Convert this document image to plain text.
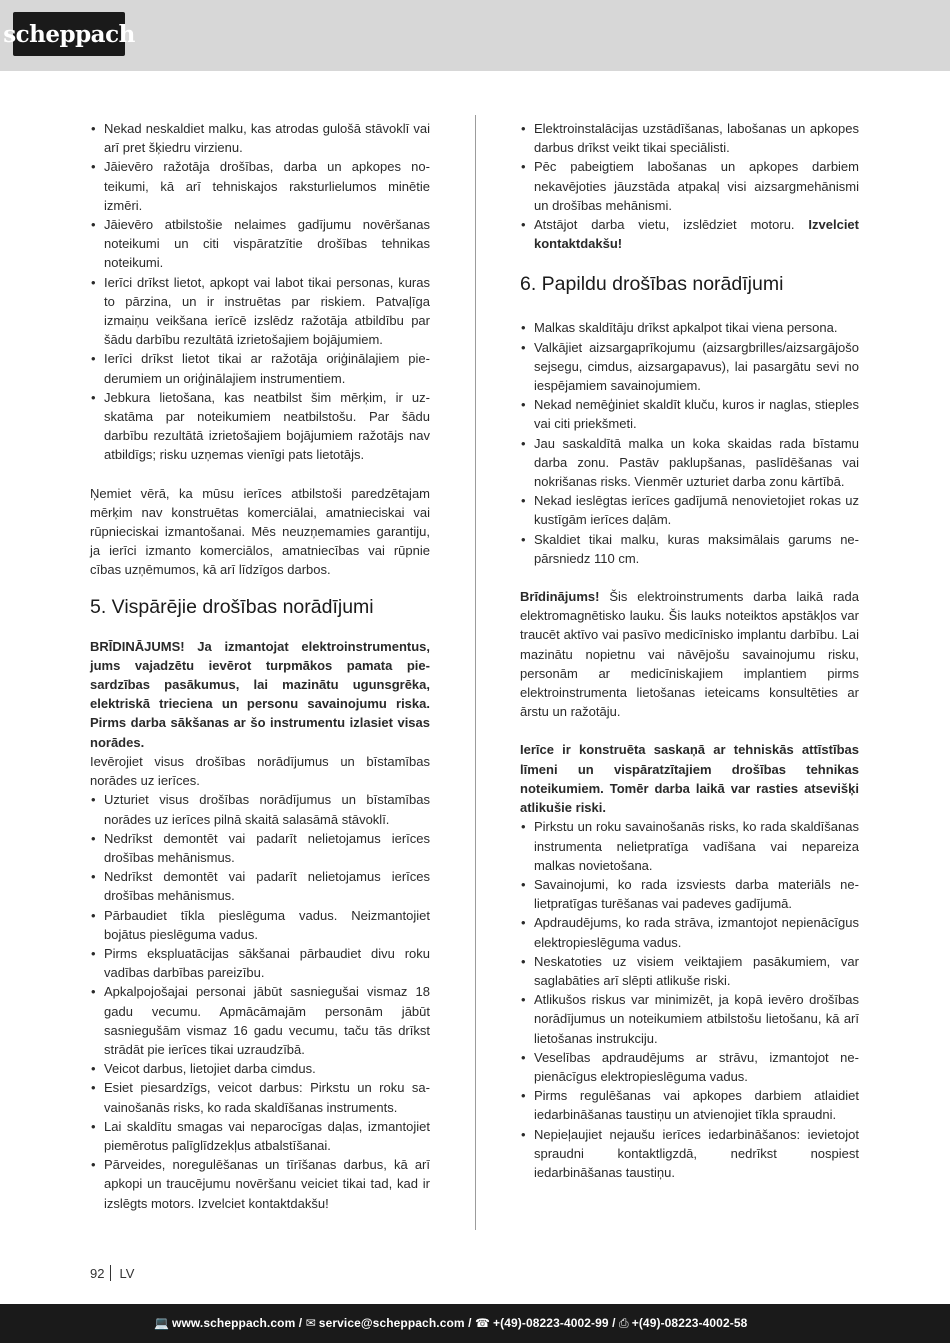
scheppach
• Nekad neskaldiet malku, kas atrodas gulošā stāvoklī vai arī pret šķiedru virzienu.
• Jāievēro ražotāja drošības, darba un apkopes noteikumi, kā arī tehniskajos raksturlielumos minētie izmēri.
• Jāievēro atbilstošie nelaimes gadījumu novēršanas noteikumi un citi vispāratzītie drošības tehnikas noteikumi.
• Ierīci drīkst lietot, apkopt vai labot tikai personas, kuras to pārzina, un ir instruētas par riskiem. Patvaļīga izmaiņu veikšana ierīcē izslēdz ražotāja atbildību par šādu darbību rezultātā izrietošajiem bojājumiem.
• Ierīci drīkst lietot tikai ar ražotāja oriģinālajiem piederumiem un oriģinālajiem instrumentiem.
• Jebkura lietošana, kas neatbilst šim mērķim, ir uzskatāma par noteikumiem neatbilstošu. Par šādu darbību rezultātā izrietošajiem bojājumiem ražotājs nav atbildīgs; risku uzņemas vienīgi pats lietotājs.

Ņemiet vērā, ka mūsu ierīces atbilstoši paredzētajam mērķim nav konstruētas komerciālai, amatnieciskai vai rūpnieciskai izmantošanai. Mēs neuzņemamies garantiju, ja ierīci izmanto komerciālos, amatniecības vai rūpnie cības uzņēmumos, kā arī līdzīgos darbos.

5. Vispārējie drošības norādījumi

BRĪDINĀJUMS! Ja izmantojat elektroinstrumentus, jums vajadzētu ievērot turpmākos pamata piesardzības pasākumus, lai mazinātu ugunsgrēka, elektriskā trieciena un personu savainojumu riska. Pirms darba sākšanas ar šo instrumentu izlasiet visas norādes.

Ievērojiet visus drošības norādījumus un bīstamības norādes uz ierīces.
• Uzturiet visus drošības norādījumus un bīstamības norādes uz ierīces pilnā skaitā salasāmā stāvoklī.
• Nedrīkst demontēt vai padarīt nelietojamus ierīces drošības mehānismus.
• Nedrīkst demontēt vai padarīt nelietojamus ierīces drošības mehānismus.
• Pārbaudiet tīkla pieslēguma vadus. Neizmantojiet bojātus pieslēguma vadus.
• Pirms ekspluatācijas sākšanai pārbaudiet divu roku vadības darbības pareizību.
• Apkalpojošajai personai jābūt sasniegušai vismaz 18 gadu vecumu. Apmācāmajām personām jābūt sasniegušām vismaz 16 gadu vecumu, taču tās drīkst strādāt pie ierīces tikai uzraudzībā.
• Veicot darbus, lietojiet darba cimdus.
• Esiet piesardzīgs, veicot darbus: Pirkstu un roku savainošanās risks, ko rada skaldīšanas instruments.
• Lai skaldītu smagas vai neparocīgas daļas, izmantojiet piemērotus palīglīdzekļus atbalstīšanai.
• Pārveides, noregulēšanas un tīrīšanas darbus, kā arī apkopi un traucējumu novēršanu veiciet tikai tad, kad ir izslēgts motors. Izvelciet kontaktdakšu!
• Elektroinstalācijas uzstādīšanas, labošanas un apkopes darbus drīkst veikt tikai speciālisti.
• Pēc pabeigtiem labošanas un apkopes darbiem nekavējoties jāuzstāda atpakaļ visi aizsargmehānismi un drošības mehānismi.
• Atstājot darba vietu, izslēdziet motoru. Izvelciet kontaktdakšu!
6. Papildu drošības norādījumi
• Malkas skaldītāju drīkst apkalpot tikai viena persona.
• Valkājiet aizsargaprīkojumu (aizsargbrilles/aizsargājošo sejsegu, cimdus, aizsargapavus), lai pasargātu sevi no iespējamiem savainojumiem.
• Nekad nemēģiniet skaldīt kluču, kuros ir naglas, stieples vai citi priekšmeti.
• Jau saskaldītā malka un koka skaidas rada bīstamu darba zonu. Pastāv paklupšanas, paslīdēšanas vai nokrišanas risks. Vienmēr uzturiet darba zonu kārtībā.
• Nekad ieslēgtas ierīces gadījumā nenovietojiet rokas uz kustīgām ierīces daļām.
• Skaldiet tikai malku, kuras maksimālais garums nepārsniedz 110 cm.

Brīdinājums! Šis elektroinstruments darba laikā rada elektromagnētisko lauku. Šis lauks noteiktos apstākļos var traucēt aktīvo vai pasīvo medicīnisko implantu darbību. Lai mazinātu nopietnu vai nāvējošu savainojumu risku, personām ar medicīniskajiem implantiem pirms elektroinstrumenta lietošanas ieteicams konsultēties ar ārstu un ražotāju.

Ierīce ir konstruēta saskaņā ar tehniskās attīstības līmeni un vispāratzītajiem drošības tehnikas noteikumiem. Tomēr darba laikā var rasties atsevišķi atlikušie riski.

• Pirkstu un roku savainošanās risks, ko rada skaldīšanas instrumenta nelietpratīga vadīšana vai nepareiza malkas novietošana.
• Savainojumi, ko rada izsviests darba materiāls nelietpratīgas turēšanas vai padeves gadījumā.
• Apdraudējums, ko rada strāva, izmantojot nepienācīgus elektropieslēguma vadus.
• Neskatoties uz visiem veiktajiem pasākumiem, var saglabāties arī slēpti atlikuše riski.
• Atlikušos riskus var minimizēt, ja kopā ievēro drošības norādījumus un noteikumiem atbilstošu lietošanu, kā arī lietošanas instrukciju.
• Veselības apdraudējums ar strāvu, izmantojot nepienācīgus elektropieslēguma vadus.
• Pirms regulēšanas vai apkopes darbiem atlaidiet iedarbināšanas taustiņu un atvienojiet tīkla spraudni.
• Nepieļaujiet nejaušu ierīces iedarbināšanos: ievietojot spraudni kontaktligzdā, nedrīkst nospiest iedarbināšanas taustiņu.
92 LV
💻 www.scheppach.com / ✉ service@scheppach.com / ☎ +(49)-08223-4002-99 / ⎙ +(49)-08223-4002-58
